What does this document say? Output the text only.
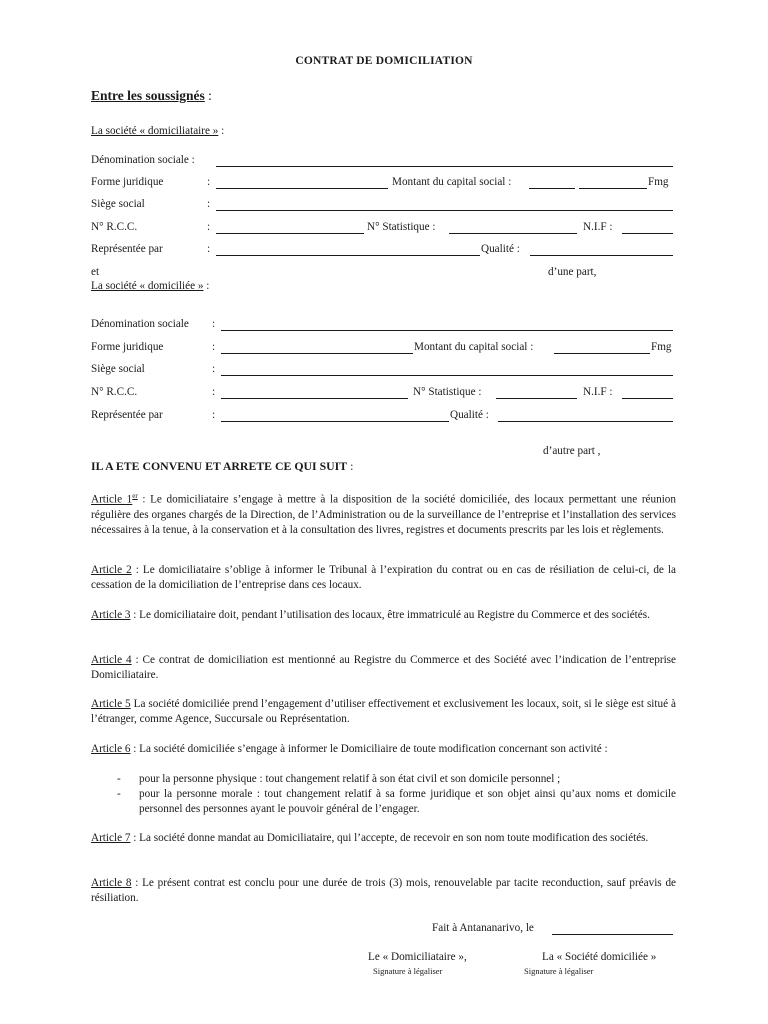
CONTRAT DE DOMICILIATION
Entre les soussignés :
La société « domiciliataire » :
Dénomination sociale :
Forme juridique	:	Montant du capital social :	Fmg
Siège social	:
N° R.C.C.	:	N° Statistique :	N.I.F :
Représentée par	:	Qualité :
et	d’une part,
La société « domiciliée » :
Dénomination sociale :
Forme juridique	:	Montant du capital social :	Fmg
Siège social	:
N° R.C.C.	:	N° Statistique :	N.I.F :
Représentée par	:	Qualité :
d’autre part ,
IL A ETE CONVENU ET ARRETE CE QUI SUIT :
Article 1er : Le domiciliataire s’engage à mettre à la disposition de la société domiciliée, des locaux permettant une réunion régulière des organes chargés de la Direction, de l’Administration ou de la surveillance de l’entreprise et l’installation des services nécessaires à la tenue, à la conservation et à la consultation des livres, registres et documents prescrits par les lois et règlements.
Article 2 : Le domiciliataire s’oblige à informer le Tribunal à l’expiration du contrat ou en cas de résiliation de celui-ci, de la cessation de la domiciliation de l’entreprise dans ces locaux.
Article 3 : Le domiciliataire doit, pendant l’utilisation des locaux, être immatriculé au Registre du Commerce et des sociétés.
Article 4 : Ce contrat de domiciliation est mentionné au Registre du Commerce et des Société avec l’indication de l’entreprise Domiciliataire.
Article 5 La société domiciliée prend l’engagement d’utiliser effectivement et exclusivement les locaux, soit, si le siège est situé à l’étranger, comme Agence, Succursale ou Représentation.
Article 6 : La société domiciliée s’engage à informer le Domiciliaire de toute modification concernant son activité :
- pour la personne physique : tout changement relatif à son état civil et son domicile personnel ;
- pour la personne morale : tout changement relatif à sa forme juridique et son objet ainsi qu’aux noms et domicile personnel des personnes ayant le pouvoir général de l’engager.
Article 7 : La société donne mandat au Domiciliataire, qui l’accepte, de recevoir en son nom toute modification des sociétés.
Article 8 : Le présent contrat est conclu pour une durée de trois (3) mois, renouvelable par tacite reconduction, sauf préavis de résiliation.
Fait à Antananarivo, le
Le « Domiciliataire »,
Signature à légaliser
La « Société domiciliée »
Signature à légaliser
